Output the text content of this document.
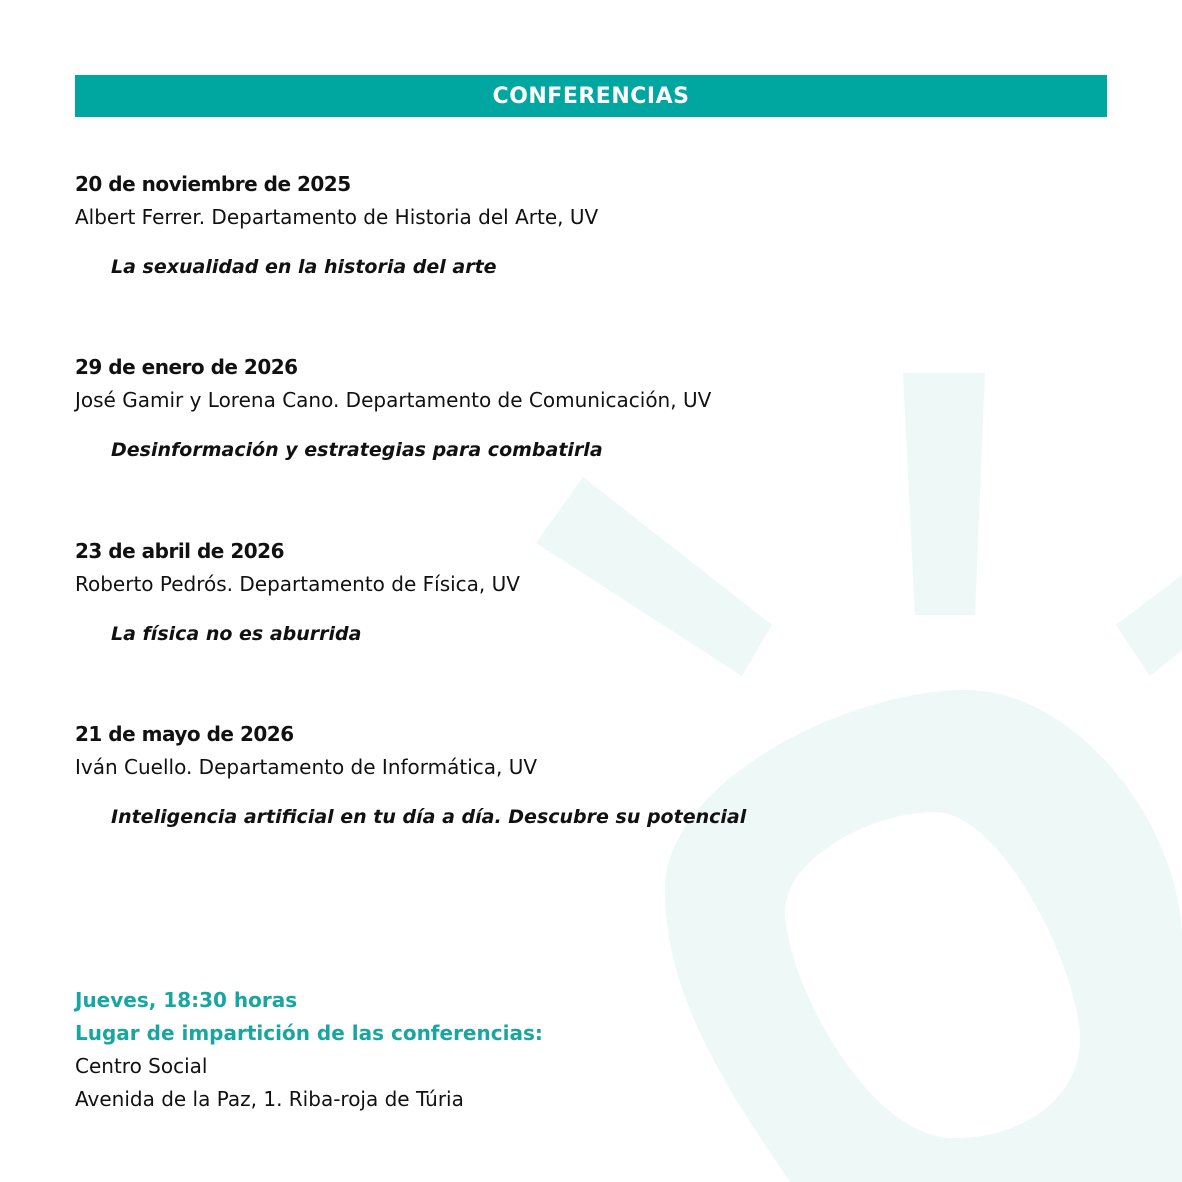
CONFERENCIAS
20 de noviembre de 2025
Albert Ferrer. Departamento de Historia del Arte, UV
La sexualidad en la historia del arte
29 de enero de 2026
José Gamir y Lorena Cano. Departamento de Comunicación, UV
Desinformación y estrategias para combatirla
23 de abril de 2026
Roberto Pedrós. Departamento de Física, UV
La física no es aburrida
21 de mayo de 2026
Iván Cuello. Departamento de Informática, UV
Inteligencia artificial en tu día a día. Descubre su potencial
Jueves, 18:30 horas
Lugar de impartición de las conferencias:
Centro Social
Avenida de la Paz, 1. Riba-roja de Túria
